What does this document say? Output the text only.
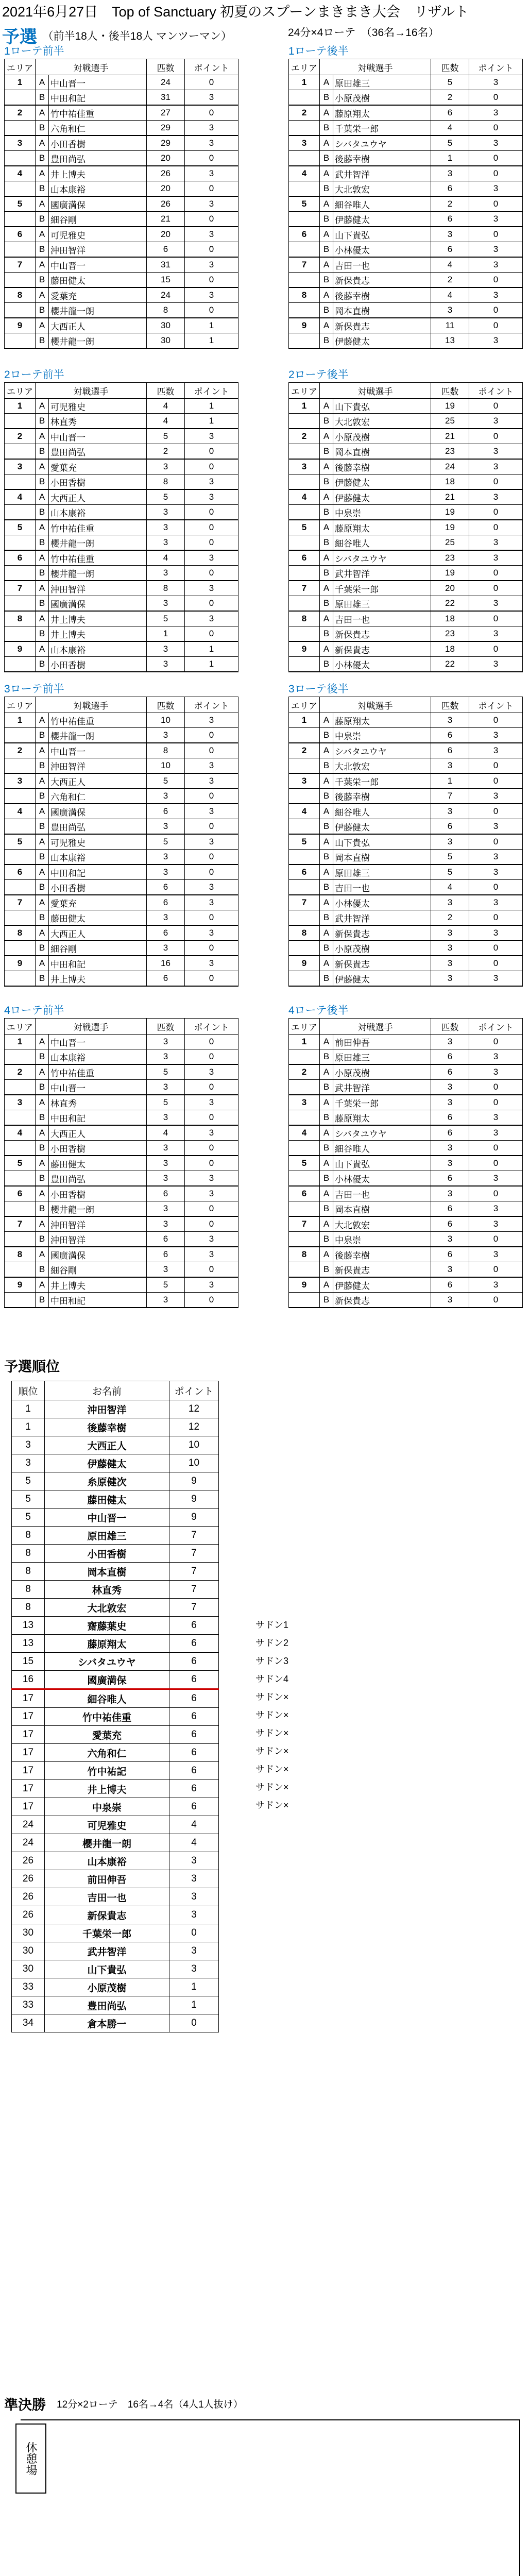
2021年6月27日　Top of Sanctuary 初夏のスプーンまきまき大会　リザルト
予選 （前半18人・後半18人 マンツーマン）	24分×4ローテ　（36名→16名）
1ローテ前半
エリア	対戦選手		匹数	ポイント
1	A	中山晋一	24	0
	B	中田和記	31	3
2	A	竹中祐佳重	27	0
	B	六角和仁	29	3
3	A	小田香樹	29	3
	B	豊田尚弘	20	0
4	A	井上博夫	26	3
	B	山本康裕	20	0
5	A	國廣満保	26	3
	B	細谷剛	21	0
6	A	可児雅史	20	3
	B	沖田智洋	6	0
7	A	中山晋一	31	3
	B	藤田健太	15	0
8	A	愛葉充	24	3
	B	櫻井龍一朗	8	0
9	A	大西正人	30	1
	B	櫻井龍一朗	30	1
1ローテ後半
エリア	対戦選手		匹数	ポイント
1	A	原田雄三	5	3
	B	小原茂樹	2	0
2	A	藤原翔太	6	3
	B	千葉栄一郎	4	0
3	A	シバタユウヤ	5	3
	B	後藤幸樹	1	0
4	A	武井智洋	3	0
	B	大北敦宏	6	3
5	A	細谷唯人	2	0
	B	伊藤健太	6	3
6	A	山下貴弘	3	0
	B	小林優太	6	3
7	A	吉田一也	4	3
	B	新保貴志	2	0
8	A	後藤幸樹	4	3
	B	岡本直樹	3	0
9	A	新保貴志	11	0
	B	伊藤健太	13	3
2ローテ前半
エリア	対戦選手		匹数	ポイント
1	A	可児雅史	4	1
	B	林直秀	4	1
2	A	中山晋一	5	3
	B	豊田尚弘	2	0
3	A	愛葉充	3	0
	B	小田香樹	8	3
4	A	大西正人	5	3
	B	山本康裕	3	0
5	A	竹中祐佳重	3	0
	B	櫻井龍一朗	3	0
6	A	竹中祐佳重	4	3
	B	櫻井龍一朗	3	0
7	A	沖田智洋	8	3
	B	國廣満保	3	0
8	A	井上博夫	5	3
	B	井上博夫	1	0
9	A	山本康裕	3	1
	B	小田香樹	3	1
2ローテ後半
エリア	対戦選手		匹数	ポイント
1	A	山下貴弘	19	0
	B	大北敦宏	25	3
2	A	小原茂樹	21	0
	B	岡本直樹	23	3
3	A	後藤幸樹	24	3
	B	伊藤健太	18	0
4	A	伊藤健太	21	3
	B	中泉崇	19	0
5	A	藤原翔太	19	0
	B	細谷唯人	25	3
6	A	シバタユウヤ	23	3
	B	武井智洋	19	0
7	A	千葉栄一郎	20	0
	B	原田雄三	22	3
8	A	吉田一也	18	0
	B	新保貴志	23	3
9	A	新保貴志	18	0
	B	小林優太	22	3
3ローテ前半
エリア	対戦選手		匹数	ポイント
1	A	竹中祐佳重	10	3
	B	櫻井龍一朗	3	0
2	A	中山晋一	8	0
	B	沖田智洋	10	3
3	A	大西正人	5	3
	B	六角和仁	3	0
4	A	國廣満保	6	3
	B	豊田尚弘	3	0
5	A	可児雅史	5	3
	B	山本康裕	3	0
6	A	中田和記	3	0
	B	小田香樹	6	3
7	A	愛葉充	6	3
	B	藤田健太	3	0
8	A	大西正人	6	3
	B	細谷剛	3	0
9	A	中田和記	16	3
	B	井上博夫	6	0
3ローテ後半
エリア	対戦選手		匹数	ポイント
1	A	藤原翔太	3	0
	B	中泉崇	6	3
2	A	シバタユウヤ	6	3
	B	大北敦宏	3	0
3	A	千葉栄一郎	1	0
	B	後藤幸樹	7	3
4	A	細谷唯人	3	0
	B	伊藤健太	6	3
5	A	山下貴弘	3	0
	B	岡本直樹	5	3
6	A	原田雄三	5	3
	B	吉田一也	4	0
7	A	小林優太	3	3
	B	武井智洋	2	0
8	A	新保貴志	3	3
	B	小原茂樹	3	0
9	A	新保貴志	3	0
	B	伊藤健太	3	3
4ローテ前半
エリア	対戦選手		匹数	ポイント
1	A	中山晋一	3	0
	B	山本康裕	3	0
2	A	竹中祐佳重	5	3
	B	中山晋一	3	0
3	A	林直秀	5	3
	B	中田和記	3	0
4	A	大西正人	4	3
	B	小田香樹	3	0
5	A	藤田健太	3	0
	B	豊田尚弘	3	3
6	A	小田香樹	6	3
	B	櫻井龍一朗	3	0
7	A	沖田智洋	3	0
	B	沖田智洋	6	3
8	A	國廣満保	6	3
	B	細谷剛	3	0
9	A	井上博夫	5	3
	B	中田和記	3	0
4ローテ後半
エリア	対戦選手		匹数	ポイント
1	A	前田伸吾	3	0
	B	原田雄三	6	3
2	A	小原茂樹	6	3
	B	武井智洋	3	0
3	A	千葉栄一郎	3	0
	B	藤原翔太	6	3
4	A	シバタユウヤ	6	3
	B	細谷唯人	3	0
5	A	山下貴弘	3	0
	B	小林優太	6	3
6	A	吉田一也	3	0
	B	岡本直樹	6	3
7	A	大北敦宏	6	3
	B	中泉崇	3	0
8	A	後藤幸樹	6	3
	B	新保貴志	3	0
9	A	伊藤健太	6	3
	B	新保貴志	3	0
予選順位
順位	お名前	ポイント
1	沖田智洋	12
1	後藤幸樹	12
3	大西正人	10
3	伊藤健太	10
5	糸原健次	9
5	藤田健太	9
5	中山晋一	9
8	原田雄三	7
8	小田香樹	7
8	岡本直樹	7
8	林直秀	7
8	大北敦宏	7
13	齋藤葉史	6
13	藤原翔太	6
15	シバタユウヤ	6
16	國廣満保	6
17	細谷唯人	6
17	竹中祐佳重	6
17	愛葉充	6
17	六角和仁	6
17	竹中祐記	6
17	井上博夫	6
17	中泉崇	6
24	可児雅史	4
24	櫻井龍一朗	4
26	山本康裕	3
26	前田伸吾	3
26	吉田一也	3
26	新保貴志	3
30	千葉栄一郎	0
30	武井智洋	3
30	山下貴弘	3
33	小原茂樹	1
33	豊田尚弘	1
34	倉本勝一	0
サドン1
サドン2
サドン3
サドン4
サドン×
サドン×
サドン×
サドン×
サドン×
サドン×
サドン×
準決勝 12分×2ローテ　16名→4名（4人1人抜け）
休憩場
